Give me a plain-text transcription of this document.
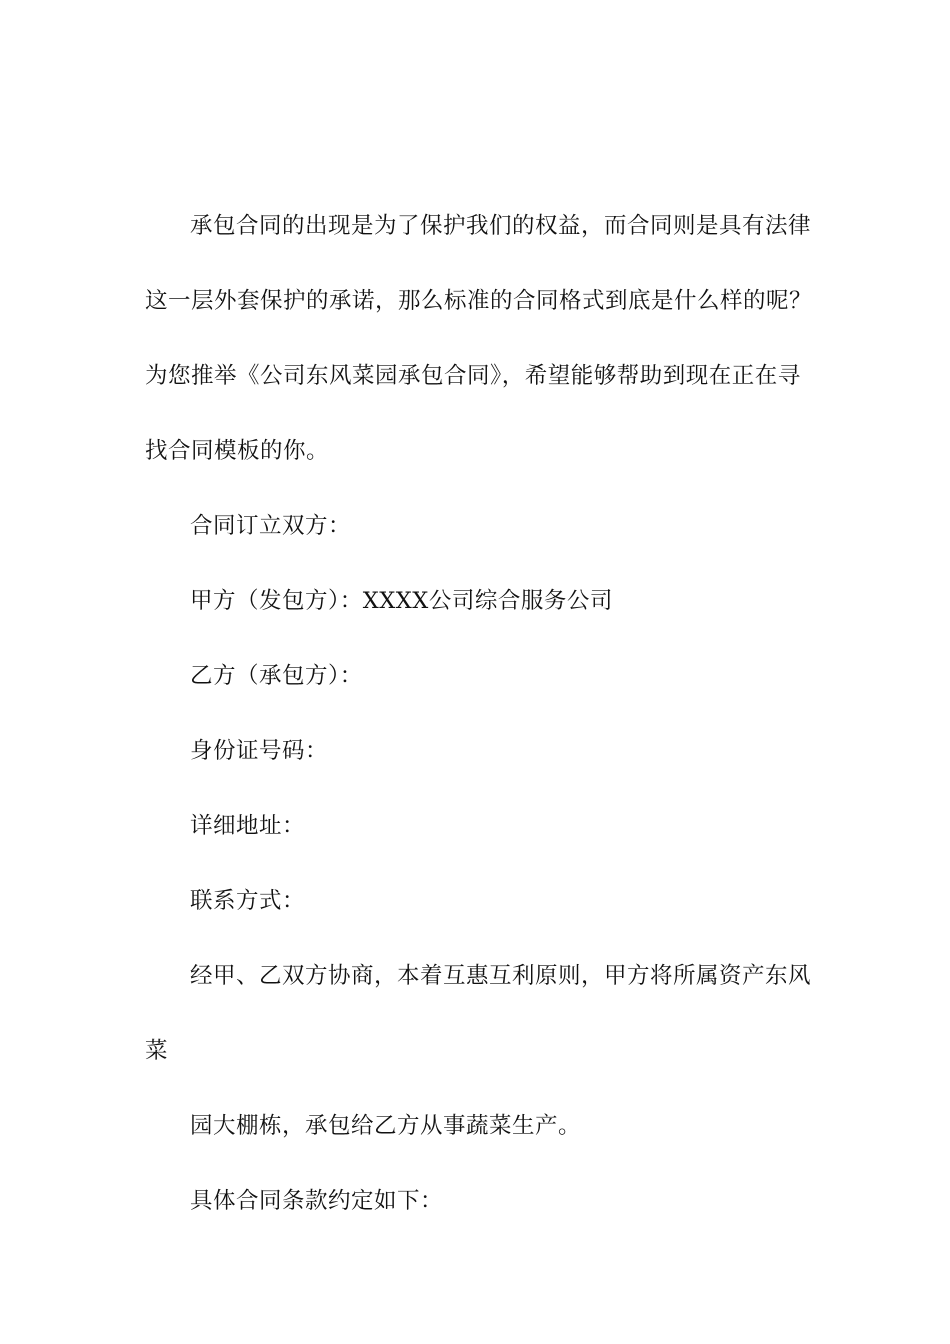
承包合同的出现是为了保护我们的权益，而合同则是具有法律
这一层外套保护的承诺，那么标准的合同格式到底是什么样的呢？
为您推举《公司东风菜园承包合同》，希望能够帮助到现在正在寻
找合同模板的你。
合同订立双方：
甲方（发包方）：XXXX公司综合服务公司
乙方（承包方）：
身份证号码：
详细地址：
联系方式：
经甲、乙双方协商，本着互惠互利原则，甲方将所属资产东风
菜
园大棚栋，承包给乙方从事蔬菜生产。
具体合同条款约定如下：
